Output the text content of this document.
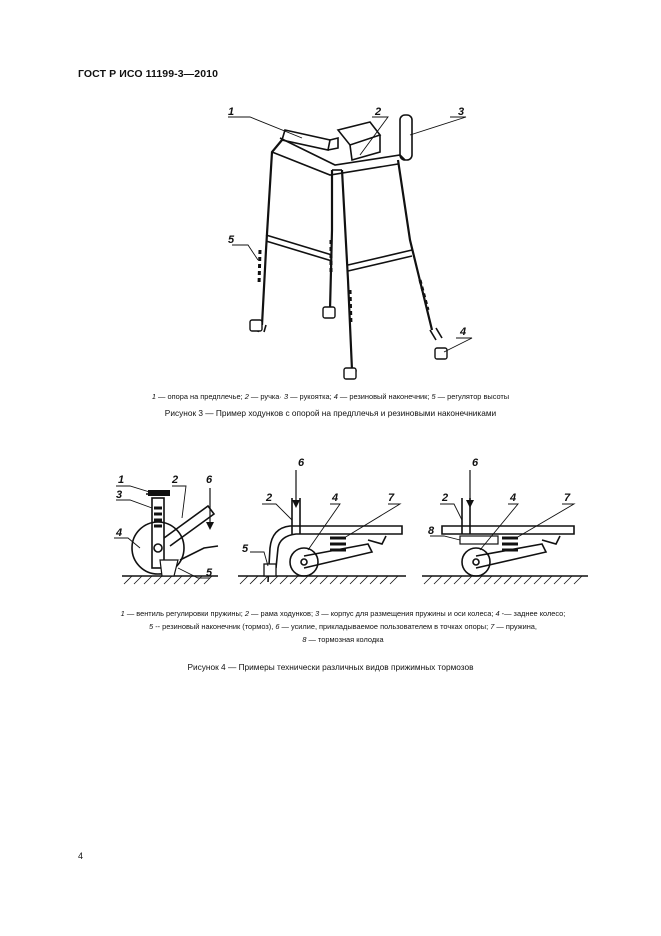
ГОСТ Р ИСО 11199-3—2010
1	2	3
4
5
1 — опора на предплечье; 2 — ручка· 3 — рукоятка; 4 — резиновый наконечник; 5 — регулятор высоты
Рисунок 3 — Пример ходунков с опорой на предплечья и резиновыми наконечниками
1	2
3
4
5
6
2	4
5
6
7	2	4
6
7
8
1 — вентиль регулировки пружины; 2 — рама ходунков; 3 — корпус для размещения пружины и оси колеса; 4 -— заднее колесо;
5 -- резиновый наконечник (тормоз), 6 — усилие, прикладываемое пользователем в точках опоры; 7 — пружина,
8 — тормозная колодка
Рисунок 4 — Примеры технически различных видов прижимных тормозов
4
